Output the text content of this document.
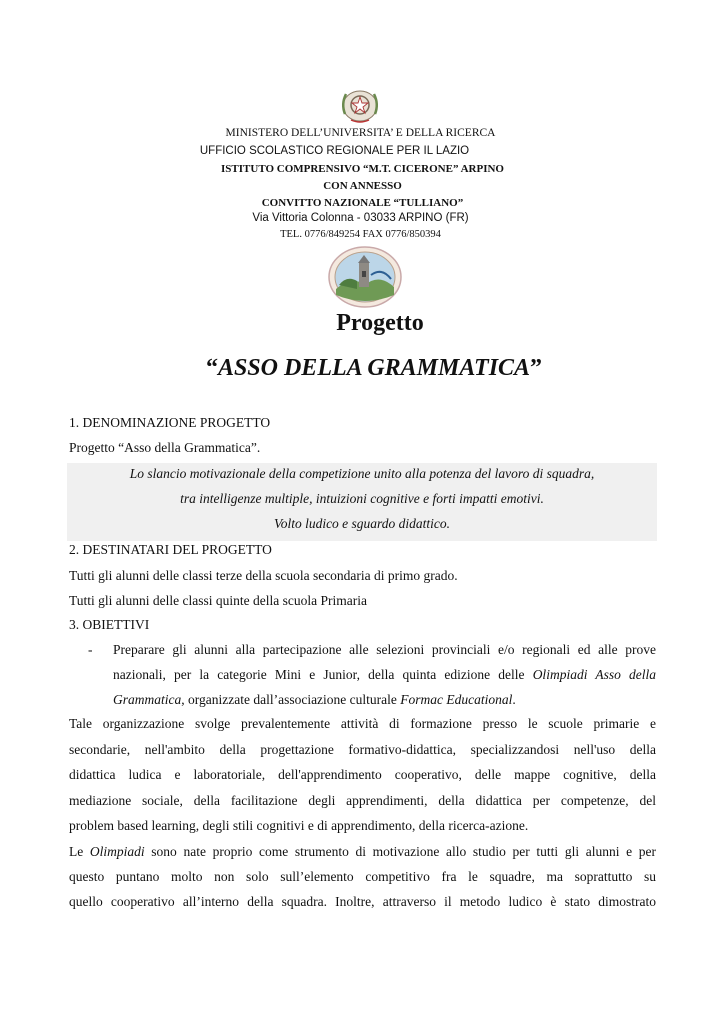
MINISTERO DELL’UNIVERSITA’ E DELLA RICERCA
UFFICIO SCOLASTICO REGIONALE PER IL LAZIO
ISTITUTO COMPRENSIVO “M.T. CICERONE” ARPINO
CON ANNESSO
CONVITTO NAZIONALE “TULLIANO”
Via Vittoria Colonna - 03033 ARPINO (FR)
TEL. 0776/849254 FAX 0776/850394
Progetto
“ASSO DELLA GRAMMATICA”
1. DENOMINAZIONE PROGETTO
Progetto “Asso della Grammatica”.
Lo slancio motivazionale della competizione unito alla potenza del lavoro di squadra,
tra intelligenze multiple, intuizioni cognitive e forti impatti emotivi.
Volto ludico e sguardo didattico.
2. DESTINATARI DEL PROGETTO
Tutti gli alunni delle classi terze della scuola secondaria di primo grado.
Tutti gli alunni delle classi quinte della scuola Primaria
3. OBIETTIVI
- Preparare gli alunni alla partecipazione alle selezioni provinciali e/o regionali ed alle prove
nazionali, per la categorie Mini e Junior, della quinta edizione delle Olimpiadi Asso della
Grammatica, organizzate dall’associazione culturale Formac Educational.
Tale organizzazione svolge prevalentemente attività di formazione presso le scuole primarie e
secondarie, nell'ambito della progettazione formativo-didattica, specializzandosi nell'uso della
didattica ludica e laboratoriale, dell'apprendimento cooperativo, delle mappe cognitive, della
mediazione sociale, della facilitazione degli apprendimenti, della didattica per competenze, del
problem based learning, degli stili cognitivi e di apprendimento, della ricerca-azione.
Le Olimpiadi sono nate proprio come strumento di motivazione allo studio per tutti gli alunni e per
questo puntano molto non solo sull’elemento competitivo fra le squadre, ma soprattutto su
quello cooperativo all’interno della squadra. Inoltre, attraverso il metodo ludico è stato dimostrato
